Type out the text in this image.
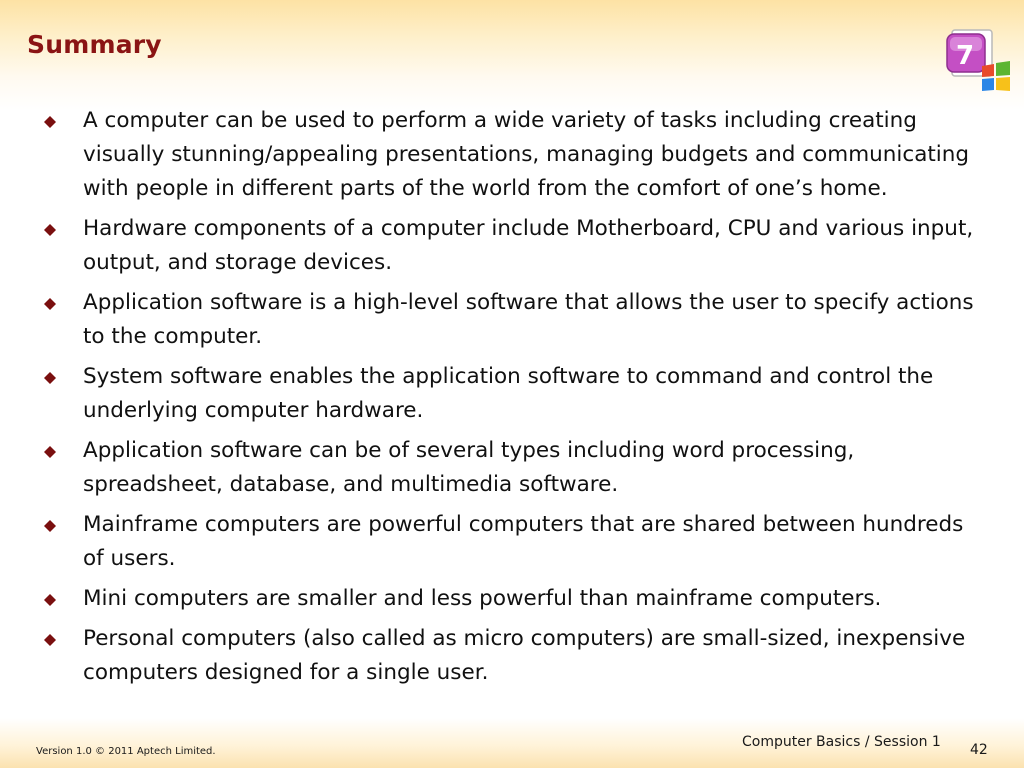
Summary	7
A computer can be used to perform a wide variety of tasks including creating visually stunning/appealing presentations, managing budgets and communicating with people in different parts of the world from the comfort of one’s home.
Hardware components of a computer include Motherboard, CPU and various input, output, and storage devices.
Application software is a high-level software that allows the user to specify actions to the computer.
System software enables the application software to command and control the underlying computer hardware.
Application software can be of several types including word processing, spreadsheet, database, and multimedia software.
Mainframe computers are powerful computers that are shared between hundreds of users.
Mini computers are smaller and less powerful than mainframe computers.
Personal computers (also called as micro computers) are small-sized, inexpensive computers designed for a single user.
Computer Basics / Session 1 42
Version 1.0 © 2011 Aptech Limited.
